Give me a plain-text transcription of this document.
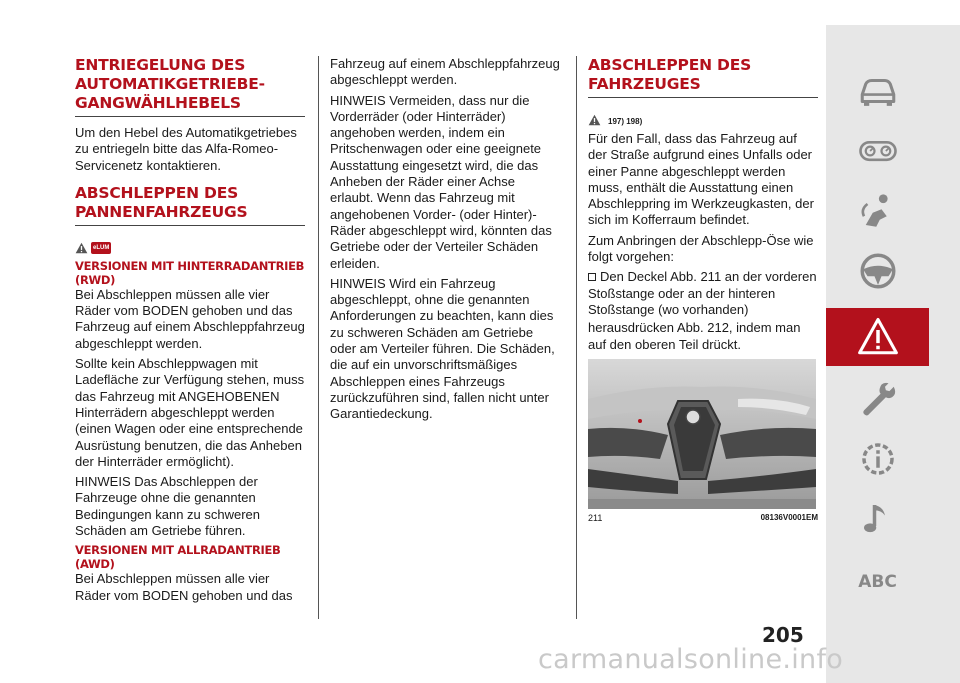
ENTRIEGELUNG DES AUTOMATIKGETRIEBE-GANGWÄHLHEBELS

Um den Hebel des Automatikgetriebes zu entriegeln bitte das Alfa-Romeo-Servicenetz kontaktieren.

ABSCHLEPPEN DES PANNENFAHRZEUGS
eLUM
VERSIONEN MIT HINTERRADANTRIEB (RWD)

Bei Abschleppen müssen alle vier Räder vom BODEN gehoben und das Fahrzeug auf einem Abschleppfahrzeug abgeschleppt werden.

Sollte kein Abschleppwagen mit Ladefläche zur Verfügung stehen, muss das Fahrzeug mit ANGEHOBENEN Hinterrädern abgeschleppt werden (einen Wagen oder eine entsprechende Ausrüstung benutzen, die das Anheben der Hinterräder ermöglicht).

HINWEIS Das Abschleppen der Fahrzeuge ohne die genannten Bedingungen kann zu schweren Schäden am Getriebe führen.

VERSIONEN MIT ALLRADANTRIEB (AWD)

Bei Abschleppen müssen alle vier Räder vom BODEN gehoben und das

Fahrzeug auf einem Abschleppfahrzeug abgeschleppt werden.

HINWEIS Vermeiden, dass nur die Vorderräder (oder Hinterräder) angehoben werden, indem ein Pritschenwagen oder eine geeignete Ausstattung eingesetzt wird, die das Anheben der Räder einer Achse erlaubt. Wenn das Fahrzeug mit angehobenen Vorder- (oder Hinter)-Räder abgeschleppt wird, könnten das Getriebe oder der Verteiler Schäden erleiden.

HINWEIS Wird ein Fahrzeug abgeschleppt, ohne die genannten Anforderungen zu beachten, kann dies zu schweren Schäden am Getriebe oder am Verteiler führen. Die Schäden, die auf ein unvorschriftsmäßiges Abschleppen eines Fahrzeugs zurückzuführen sind, fallen nicht unter Garantiedeckung.

ABSCHLEPPEN DES FAHRZEUGES
197) 198)

Für den Fall, dass das Fahrzeug auf der Straße aufgrund eines Unfalls oder einer Panne abgeschleppt werden muss, enthält die Ausstattung einen Abschleppring im Werkzeugkasten, der sich im Kofferraum befindet.

Zum Anbringen der Abschlepp-Öse wie folgt vorgehen:

Den Deckel Abb. 211 an der vorderen Stoßstange oder an der hinteren Stoßstange (wo vorhanden)

herausdrücken Abb. 212, indem man auf den oberen Teil drückt.

211	08136V0001EM
ABC
205
carmanualsonline.info
